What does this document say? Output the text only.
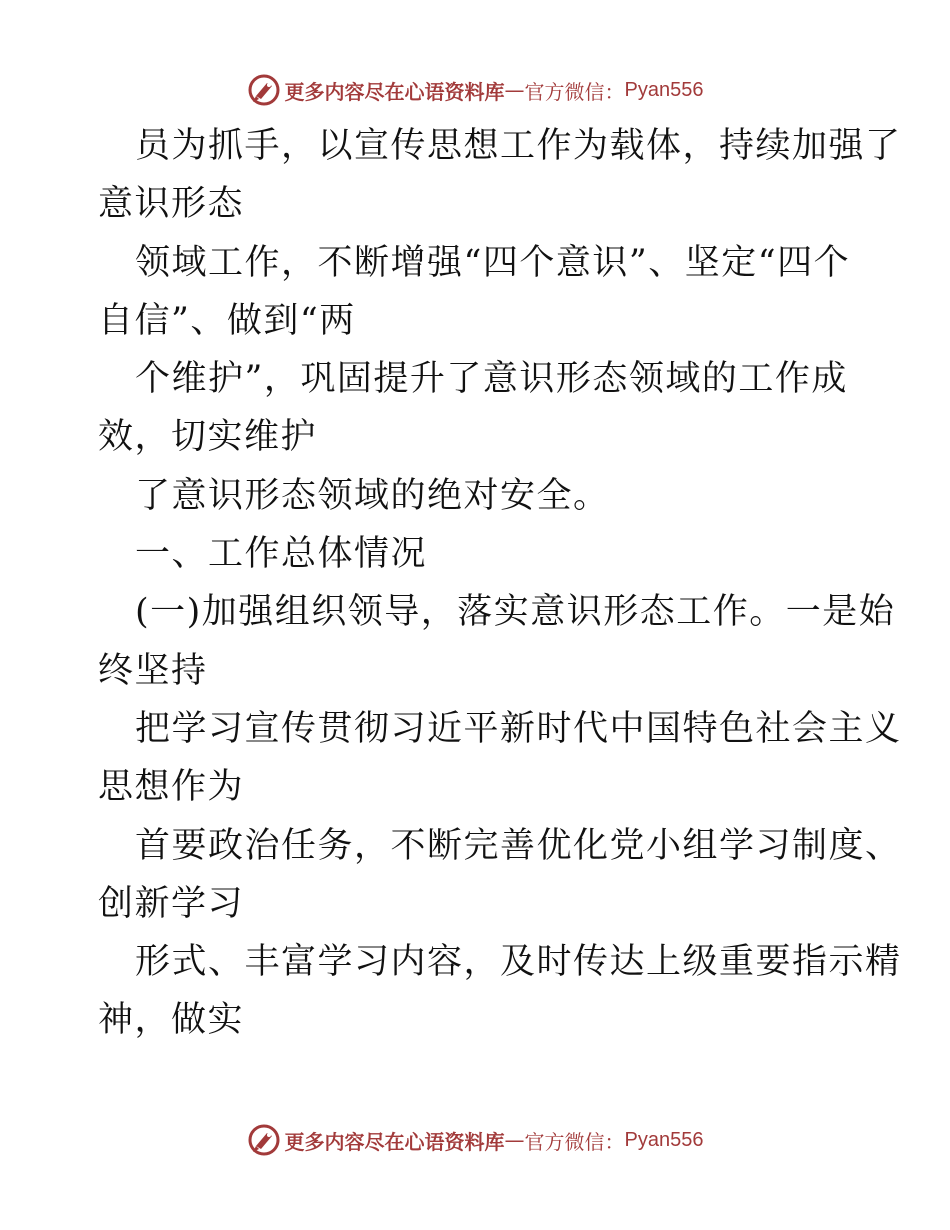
更多内容尽在心语资料库 — 官方微信： Pyan556
员为抓手，以宣传思想工作为载体，持续加强了
意识形态
领域工作，不断增强“四个意识”、坚定“四个
自信”、做到“两
个维护”，巩固提升了意识形态领域的工作成
效，切实维护
了意识形态领域的绝对安全。
一、工作总体情况
(一)加强组织领导，落实意识形态工作。一是始
终坚持
把学习宣传贯彻习近平新时代中国特色社会主义
思想作为
首要政治任务，不断完善优化党小组学习制度、
创新学习
形式、丰富学习内容，及时传达上级重要指示精
神，做实
更多内容尽在心语资料库 — 官方微信： Pyan556
